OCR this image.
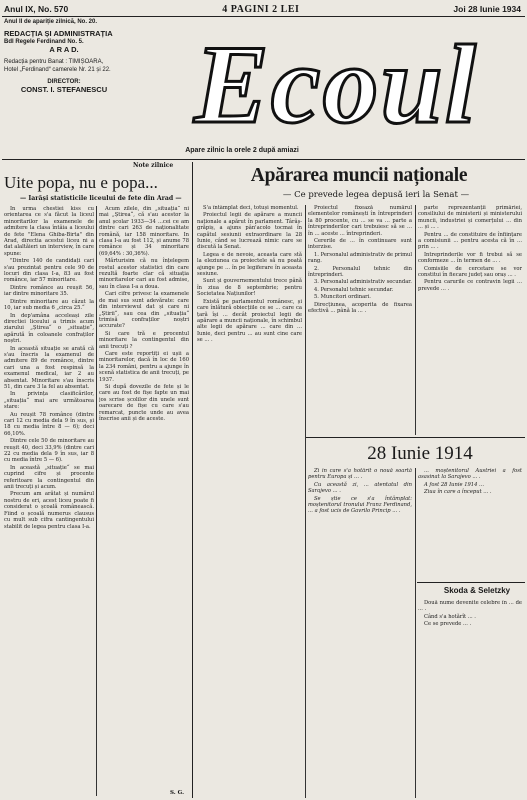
Anul IX, No. 570	4 PAGINI 2 LEI	Joi 28 Iunie 1934
Anul II de apariție zilnică, No. 20.
REDACȚIA ȘI ADMINISTRAȚIA
Bdl Regele Ferdinand No. 5.
A R A D.
Redacția pentru Banat : TIMIȘOARA,
Hotel „Ferdinand“ camerele Nr. 21 și 22.
DIRECTOR:
CONST. I. STEFANESCU Ecoul
Apare zilnic la orele 2 după amiazi
Note zilnice
Uite popa, nu e popa...
— Iarăși statisticile liceului de fete din Arad —

In urma chestiei kiss cu orientarea ce s'a făcut la liceul minoritarilor la examenele de admitere la clasa întâia a liceului de fete "Elena Ghiba-Birta" din Arad, directia acestui liceu ni a dat alaltăieri un interview, în care spune:

"Dintre 140 de candidați cari s'au prezintat pentru cele 90 de locuri din clasa I-a, 83 au fost românce, iar 57 minoritare.

Dintre românce au reușit 56, iar dintre minoritare 35.

Dintre minoritare au căzut la 10, iar sub media 6 „circa 25.“

In dep'amâna acceleași zile directiei liceului a trimis acum ziarului „Știrea“ o „situație“, apărută în coloanele confraților noștri.

In această situație se arată că s'au înscris la examenul de admitere 89 de românce, dintre cari una a fost respinsă la examenul medical, iar 2 au absentat. Minoritare s'au înscris 51, din care 3 la fel au absentat.

In privința clasificărilor, „situația“ mai are următoarea stare:

Au reușit 78 românce (dintre cari 12 cu media dela 9 în sus, și 18 cu media între 8 — 6); deci 66,10%.

Dintre cele 50 de minoritare au reușit 40, deci 33,9% (dintre cari 22 cu media dela 9 în sus, iar 8 cu media între 5 — 6).

In această „situație“ se mai cuprind cifre și procente referitoare la contingentul din anii trecuți și acum.

Precum am arătat și numărul nostru de eri, acest liceu poate fi considerat o școală românească. Fiind o școală numerus clausus cu mult sub cifra cantingentului stabilit de legea pentru clasa I-a.

Acum zilele, din „situația“ ni mai „Știrea“, că s'au acestor la anul școlar 1933—34 ...cei ce am dintre cari 263 de naționalitate română, iar 158 minoritare. In clasa I-a au fost 112, și anume 78 românce și 34 minoritare (69,64% : 30,36%).

Mărturisim că nu înțelegem rostul acestor statistici din care rezultă foarte clar că situația minoritarelor cari au fost admise, sau în clasa I-a a doua.

Cari cifre privesc la examenele de mai sus sunt adevărate: care din interviewul dat și care ni „Știrii“, sau cea din „situația“ trimisă confraților noștri accurate?

Si care tră e procentul minoritare la contingentul din anii trecuți ?

Care este reportiți ei ușii a minoritarelor, dacă în loc de 160 la 234 români, pentru a ajunge în scenă statistica de anii trecuți, pe 1937.

Si după dovezile de fete și le care au fost de fișe fapte un mai jos scrise școlilor din unele sunt oarecare de fișe cu care s'au remarcat, puncte unde au avea înscrise anii și de aceste.

S. G.
Apărarea muncii naționale
— Ce prevede legea depusă ieri la Senat —

S'a întâmplat deci, totuși momentul.

Proiectul legii de apărare a muncii naționale a apărut în parlament. Târâș-grăpiș, a ajuns pân'acolo tocmai în capătul sesiunii extraordinare la 28 Iunie, când se lucrează nimic care se discută la Senat.

Legea e de nevoie, aceasta care stă la eleziunea ca proiectele să nu poată ajunge pe ... în pe legiferare în aceasta sesiune.

Sunt și gouvernementului trece până în ziua de 8 septembrie; pentru Societatea Națiunilor!

Există pe parlamentul românesc, și care înlătură obiecțiile ce se ... care ca țară își ... decât proiectul legii de apărare a muncii naționale, în schimbul alte legii de apărare ... care din ... Iunie, deci pentru ... au sunt cine care se ... .

Proiectul fixează numărul elementelor românești în întreprinderi la 80 procente, cu ... se va ... parte a întreprinderilor cari trebuiesc să se ... în ... aceste ... întreprinderi.

Cererile de ... în continuare sunt interzise.

1. Personalul administrativ de primul rang.

2. Personalul tehnic din întreprinderi.

3. Personalul administrativ secundar.

4. Personalul tehnic secundar.

5. Muncitori ordinari.

Direcțiunea, acoperita de fixarea efectivă ... până la ... .

parte reprezentanții primăriei, consiliului de ministerii și ministerului muncii, industriei și comerțului ... din ... și ... .

Pentru ... de constituire de înființare a comisiunii ... pentru acesta că în ... prin ... .

Intreprinderile vor fi trebui să se conformeze ... în termen de ... .

Comisiile de cercetare se vor constitui în fiecare județ sau oraș ... .

Pentru carurile ce contravin legii ... prevede ... .

28 Iunie 1914

Zi în care s'a hotărît o nouă soartă pentru Europa și ... .

Cu această zi, ... atentatul din Sarajevo ... .

Se știe ce s'a întâmplat: moștenitorul tronului Franz Ferdinand, ... a fost ucis de Gavrilo Princip ... .

... moștenitorul Austriei a fost asasinat la Sarajevo ... .

A fost 28 Iunie 1914 ...

Ziua în care a început ... .

Skoda & Seletzky

Două nume devenite celebre în ... de ... .

Când s'a hotărît ... .

Ce se prevede ... .
